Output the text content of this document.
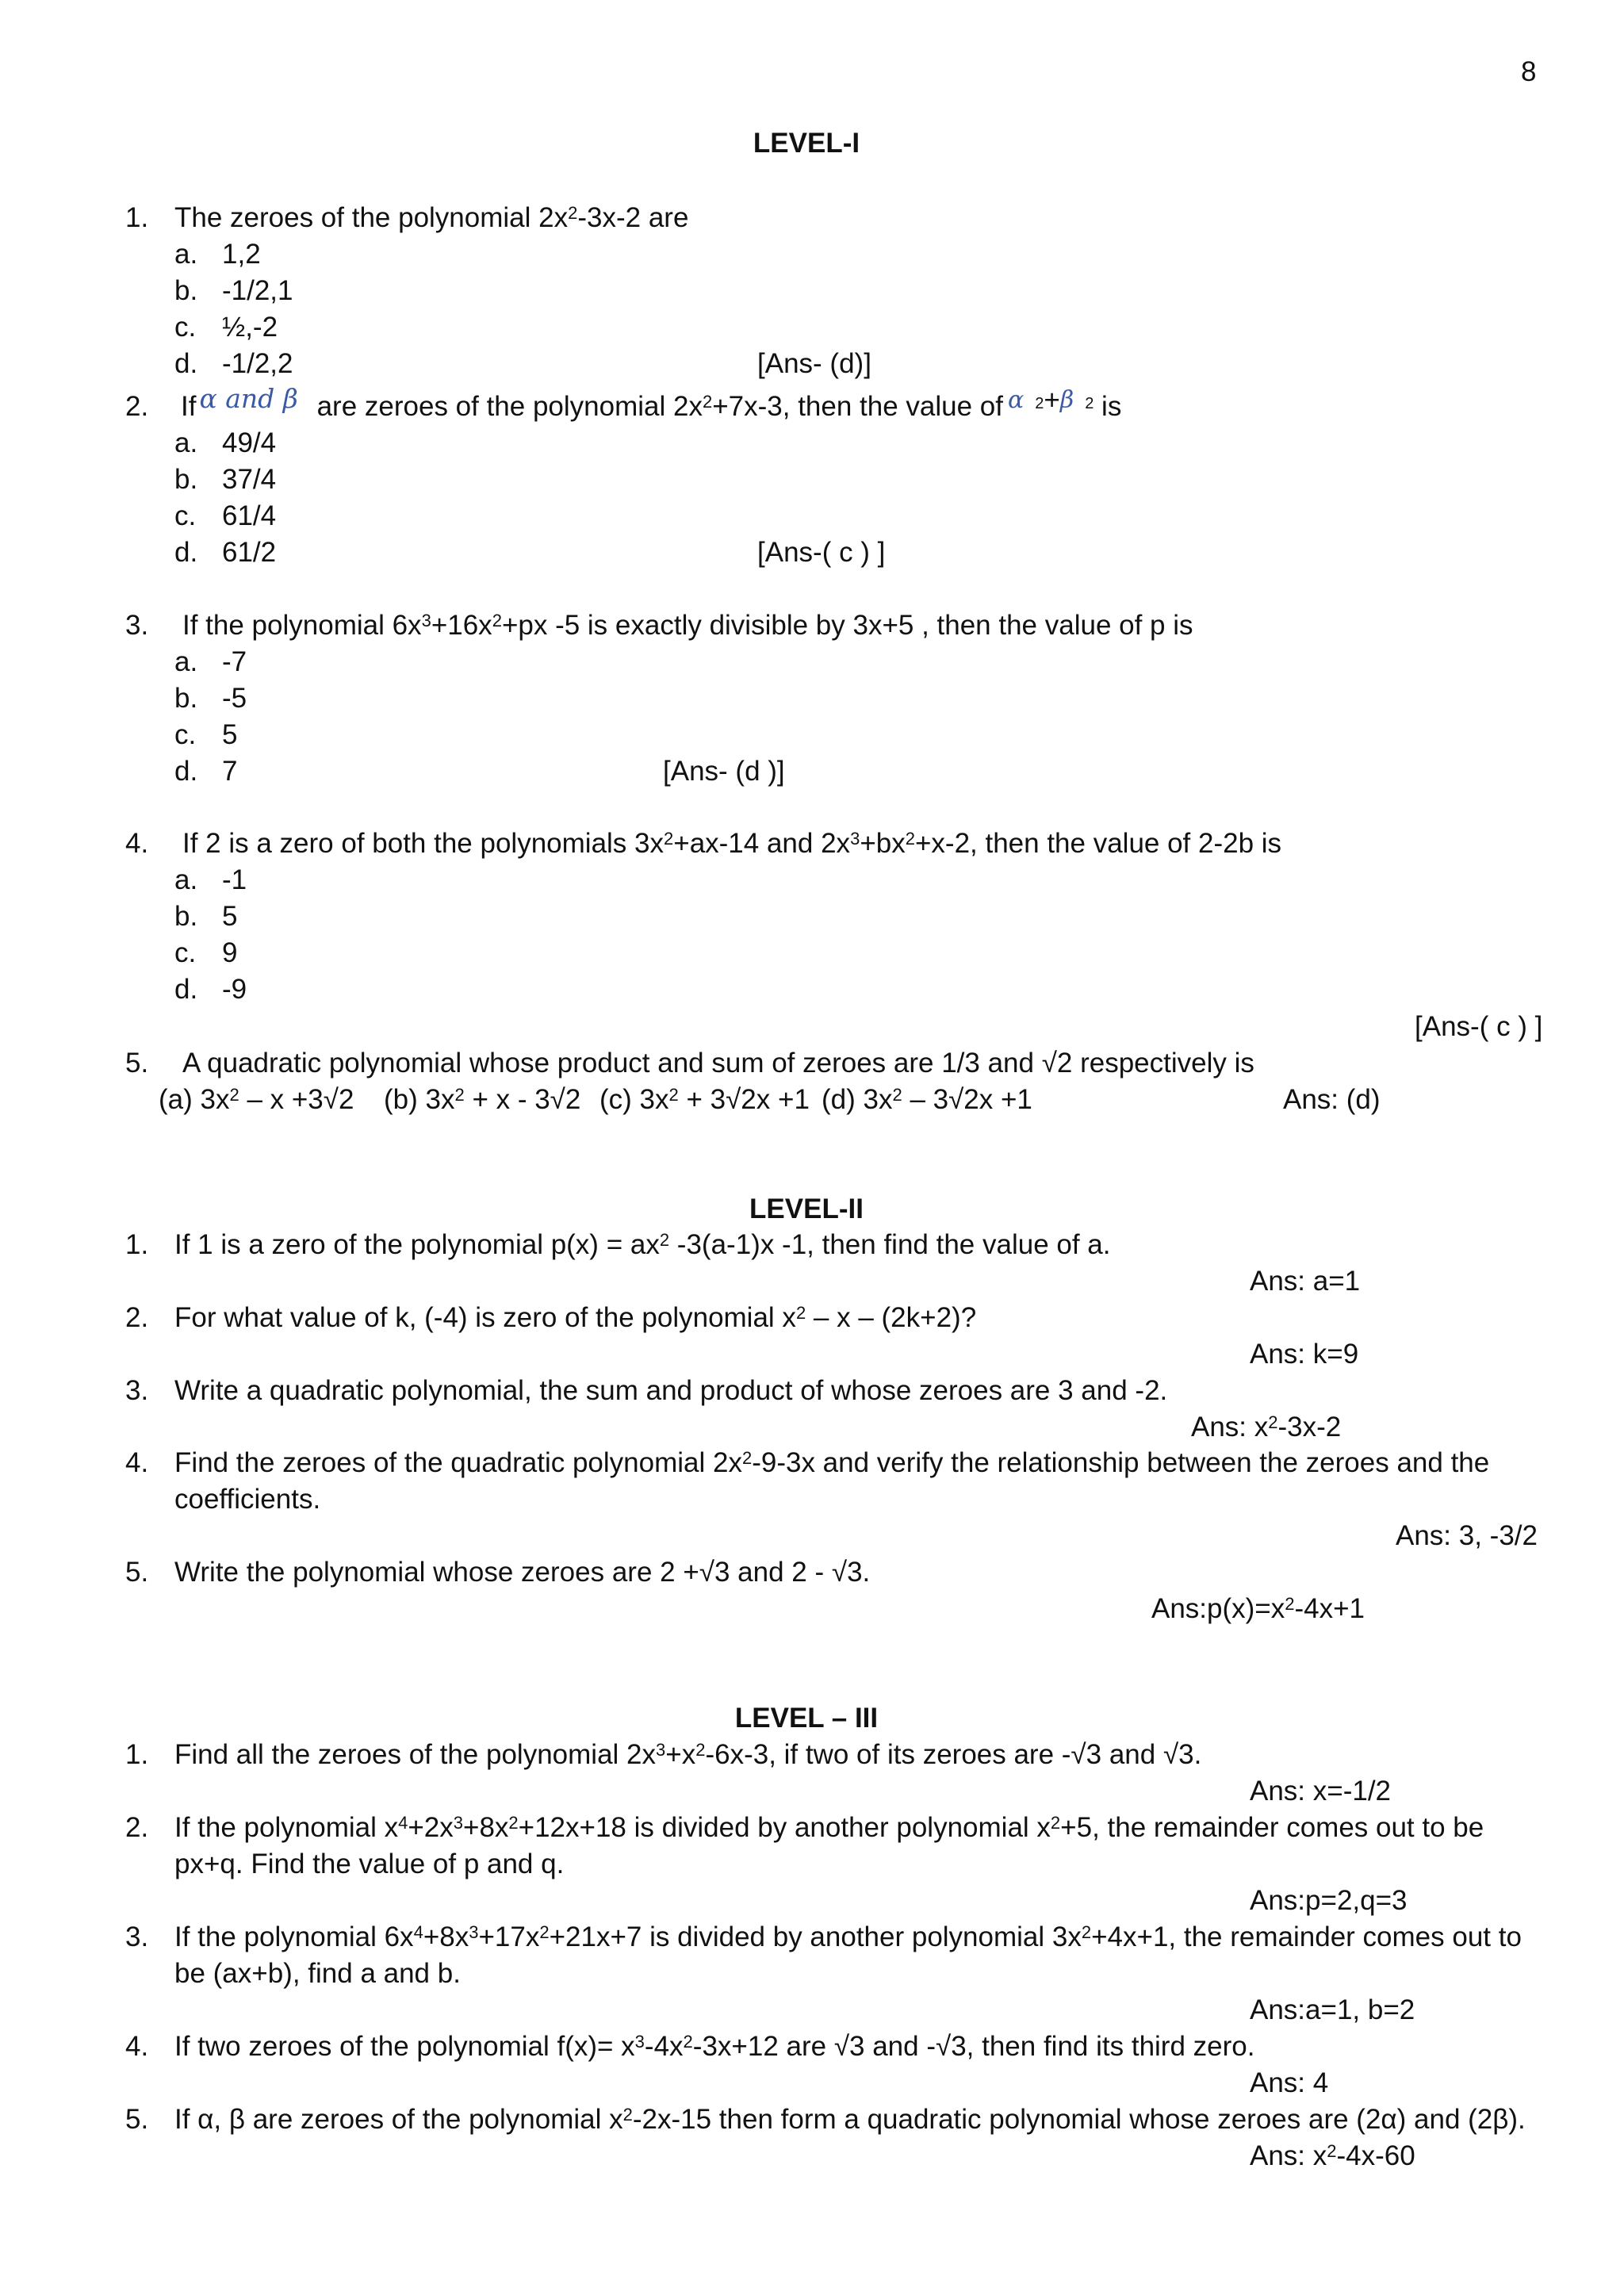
8
LEVEL-I
1. The zeroes of the polynomial $2x^2-3x-2$ are
a. 1,2
b. -1/2,1
c. ½,-2
d. -1/2,2	[Ans- (d)]
2. If α and β are zeroes of the polynomial $2x^2+7x-3$, then the value of α $^2$+β $^2$ is
a. 49/4
b. 37/4
c. 61/4
d. 61/2	[Ans-( c ) ]
3. If the polynomial $6x^3+16x^2+px$ -5 is exactly divisible by 3x+5 , then the value of p is
a. -7
b. -5
c. 5
d. 7	[Ans- (d )]
4. If 2 is a zero of both the polynomials $3x^2+ax-14$ and $2x^3+bx^2+x-2$, then the value of 2-2b is
a. -1
b. 5
c. 9
d. -9
[Ans-( c ) ]
5. A quadratic polynomial whose product and sum of zeroes are 1/3 and √2 respectively is
(a) $3x^2 - x +3√2$ (b) $3x^2 + x - 3√2$ (c) $3x^2 + 3√2x +1$ (d) $3x^2 - 3√2x +1$	Ans: (d)
LEVEL-II
1. If 1 is a zero of the polynomial $p(x) = ax^2$ -3(a-1)x -1, then find the value of a.
Ans: a=1
2. For what value of k, (-4) is zero of the polynomial $x^2 - x - (2k+2)$?
Ans: k=9
3. Write a quadratic polynomial, the sum and product of whose zeroes are 3 and -2.
Ans: $x^2-3x-2$
4. Find the zeroes of the quadratic polynomial $2x^2-9-3x$ and verify the relationship between the zeroes and the
coefficients.
Ans: 3, -3/2
5. Write the polynomial whose zeroes are 2 +√3 and 2 - √3.
$Ans:p(x)=x^2-4x+1$
LEVEL – III
1. Find all the zeroes of the polynomial $2x^3+x^2-6x-3$, if two of its zeroes are -√3 and √3.
Ans: x=-1/2
2. If the polynomial $x^4+2x^3+8x^2+12x+18$ is divided by another polynomial $x^2+5$, the remainder comes out to be
px+q. Find the value of p and q.
Ans:p=2,q=3
3. If the polynomial $6x^4+8x^3+17x^2+21x+7$ is divided by another polynomial $3x^2+4x+1$, the remainder comes out to
be (ax+b), find a and b.
Ans:a=1, b=2
4. If two zeroes of the polynomial $f(x)= x^3-4x^2-3x+12$ are √3 and -√3, then find its third zero.
Ans: 4
5. If α, β are zeroes of the polynomial $x^2-2x-15$ then form a quadratic polynomial whose zeroes are (2α) and (2β).
Ans: $x^2-4x-60$
